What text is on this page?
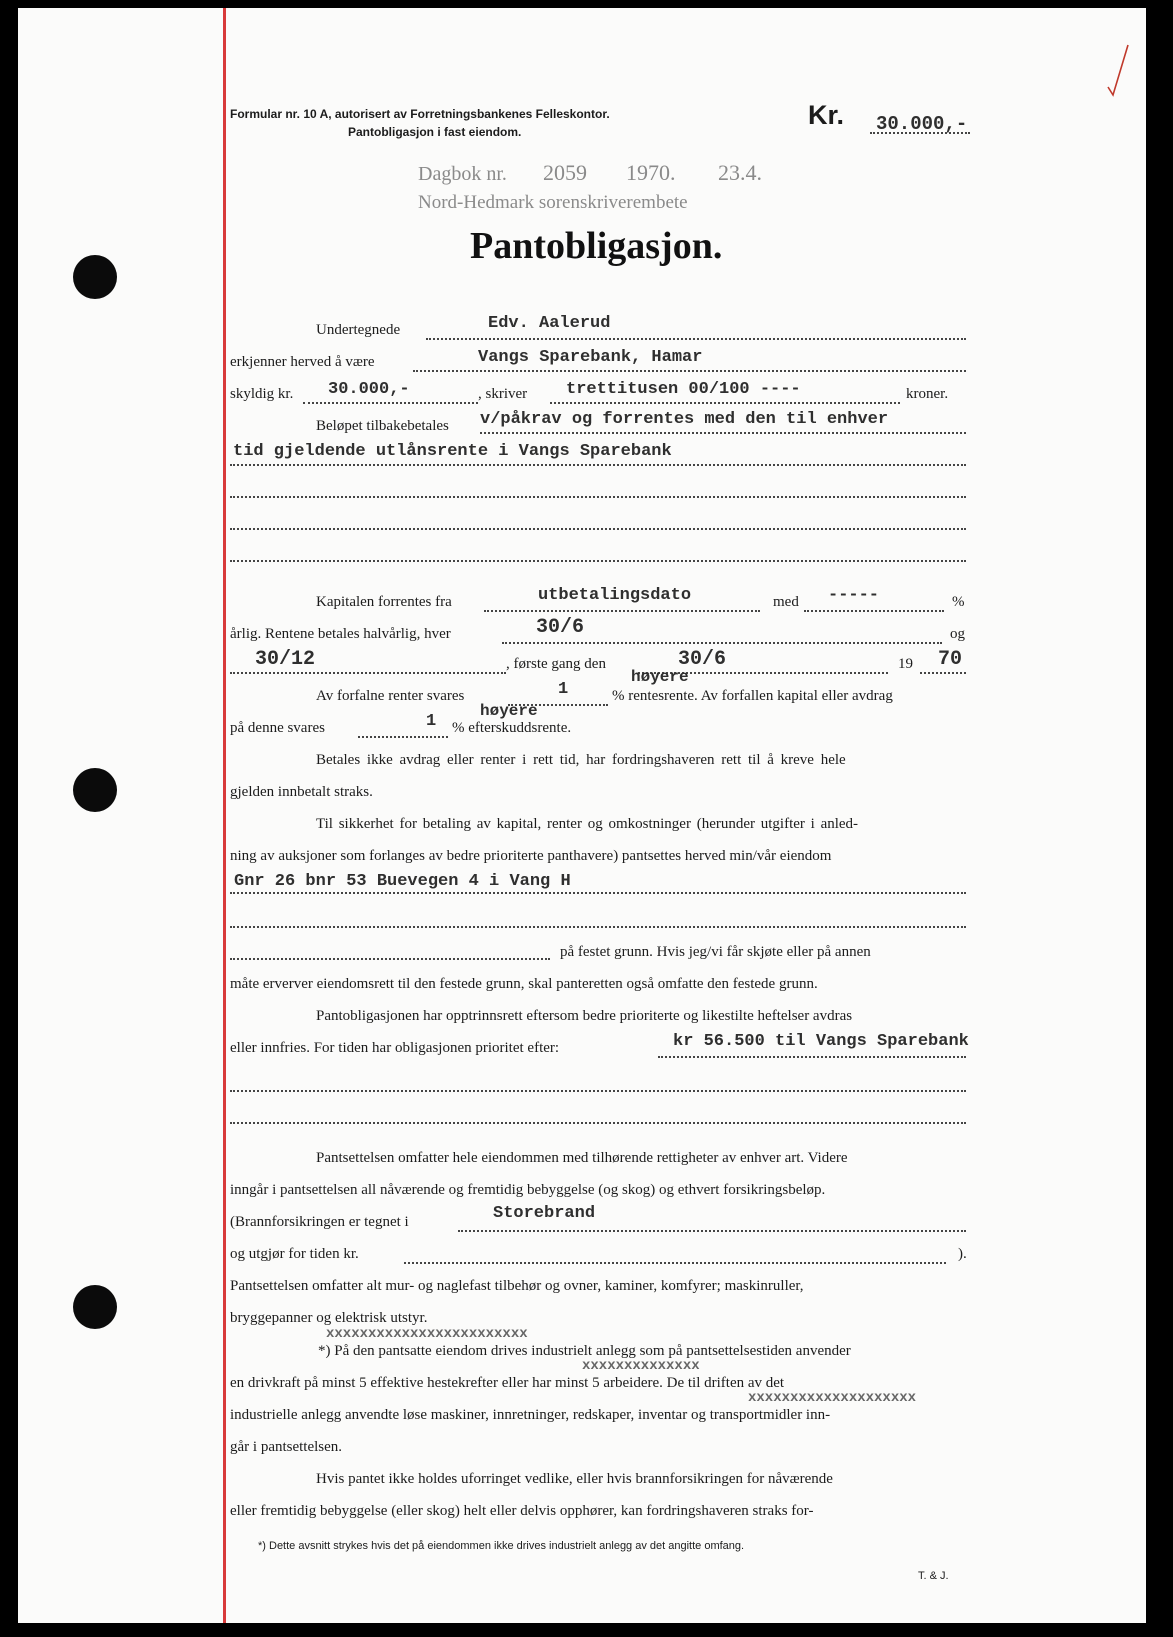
Formular nr. 10 A, autorisert av Forretningsbankenes Felleskontor.
Pantobligasjon i fast eiendom.
Kr. 30.000,-
Dagbok nr. 2059 1970. 23.4.
Nord-Hedmark sorenskriverembete
Pantobligasjon.
Undertegnede	Edv. Aalerud
erkjenner herved å være	Vangs Sparebank, Hamar
skyldig kr. 30.000,-	, skriver trettitusen 00/100 ----	kroner.
Beløpet tilbakebetales v/påkrav og forrentes med den til enhver
tid gjeldende utlånsrente i Vangs Sparebank
Kapitalen forrentes fra	utbetalingsdato	med -----	%
årlig. Rentene betales halvårlig, hver	30/6	og
30/12	, første gang den	30/6	19 70
høyere
Av forfalne renter svares	1	% rentesrente. Av forfallen kapital eller avdrag
høyere
på denne svares	1 % efterskuddsrente.
Betales ikke avdrag eller renter i rett tid, har fordringshaveren rett til å kreve hele
gjelden innbetalt straks.
Til sikkerhet for betaling av kapital, renter og omkostninger (herunder utgifter i anled-
ning av auksjoner som forlanges av bedre prioriterte panthavere) pantsettes herved min/vår eiendom
Gnr 26 bnr 53 Buevegen 4 i Vang H
på festet grunn. Hvis jeg/vi får skjøte eller på annen
måte erverver eiendomsrett til den festede grunn, skal panteretten også omfatte den festede grunn.
Pantobligasjonen har opptrinnsrett eftersom bedre prioriterte og likestilte heftelser avdras
eller innfries. For tiden har obligasjonen prioritet efter:	kr 56.500 til Vangs Sparebank
Pantsettelsen omfatter hele eiendommen med tilhørende rettigheter av enhver art. Videre
inngår i pantsettelsen all nåværende og fremtidig bebyggelse (og skog) og ethvert forsikringsbeløp.
(Brannforsikringen er tegnet i	Storebrand
og utgjør for tiden kr.	).
Pantsettelsen omfatter alt mur- og naglefast tilbehør og ovner, kaminer, komfyrer; maskinruller,
bryggepanner og elektrisk utstyr.
xxxxxxxxxxxxxxxxxxxxxxxx
*) På den pantsatte eiendom drives industrielt anlegg som på pantsettelsestiden anvender
xxxxxxxxxxxxxx
en drivkraft på minst 5 effektive hestekrefter eller har minst 5 arbeidere. De til driften av det
xxxxxxxxxxxxxxxxxxxx
industrielle anlegg anvendte løse maskiner, innretninger, redskaper, inventar og transportmidler inn-
går i pantsettelsen.
Hvis pantet ikke holdes uforringet vedlike, eller hvis brannforsikringen for nåværende
eller fremtidig bebyggelse (eller skog) helt eller delvis opphører, kan fordringshaveren straks for-
*) Dette avsnitt strykes hvis det på eiendommen ikke drives industrielt anlegg av det angitte omfang.
T. & J.
